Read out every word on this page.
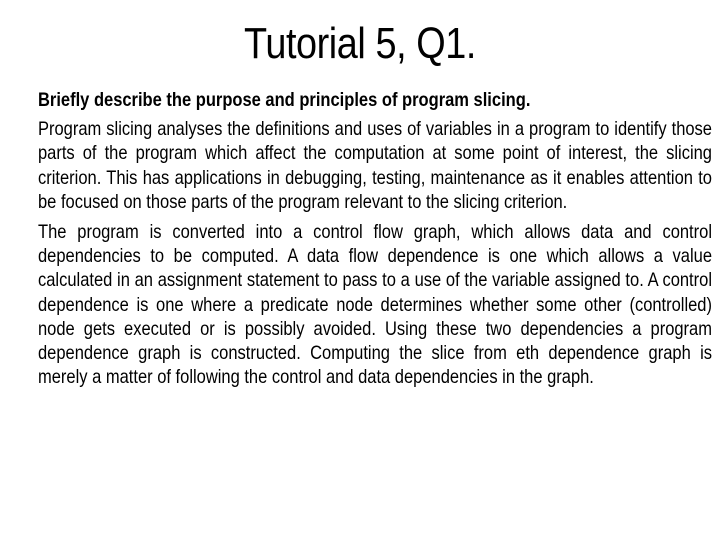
Tutorial 5, Q1.

Briefly describe the purpose and principles of program slicing.

Program slicing analyses the definitions and uses of variables in a program to identify those parts of the program which affect the computation at some point of interest, the slicing criterion. This has applications in debugging, testing, maintenance as it enables attention to be focused on those parts of the program relevant to the slicing criterion.

The program is converted into a control flow graph, which allows data and control dependencies to be computed. A data flow dependence is one which allows a value calculated in an assignment statement to pass to a use of the variable assigned to. A control dependence is one where a predicate node determines whether some other (controlled) node gets executed or is possibly avoided. Using these two dependencies a program dependence graph is constructed. Computing the slice from eth dependence graph is merely a matter of following the control and data dependencies in the graph.
